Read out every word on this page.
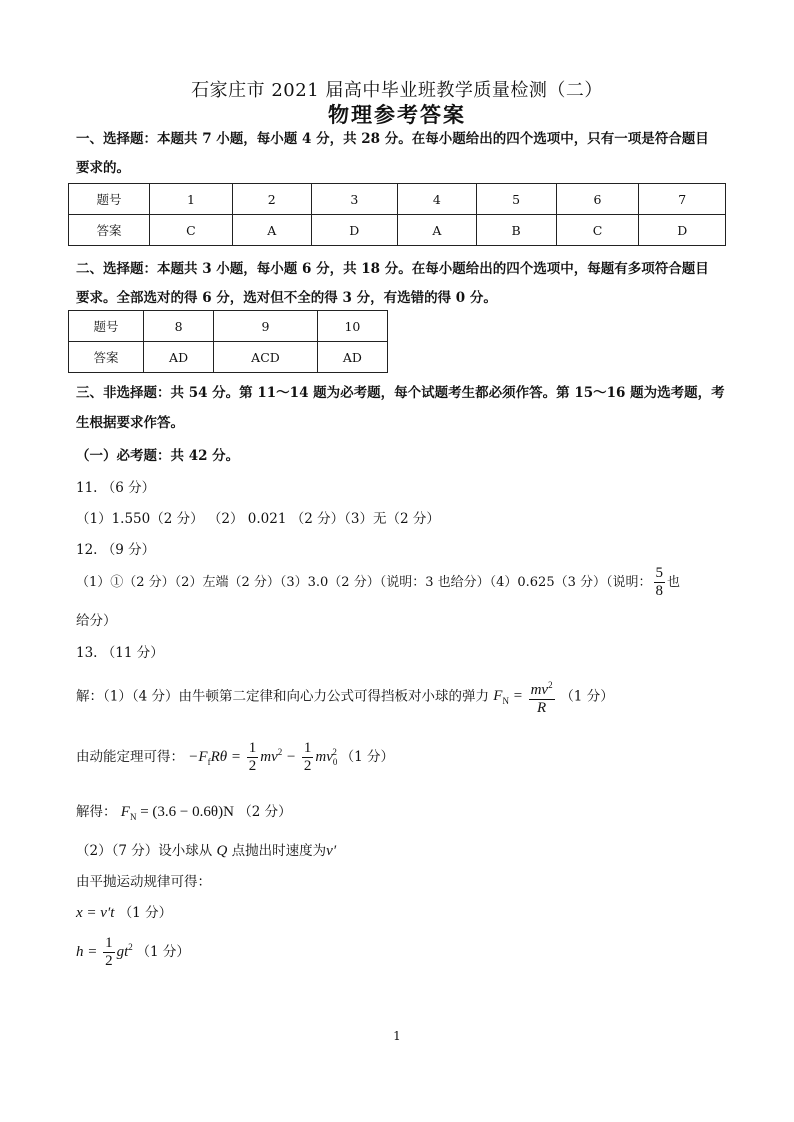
石家庄市 2021 届高中毕业班教学质量检测（二）
物理参考答案
一、选择题：本题共 7 小题，每小题 4 分，共 28 分。在每小题给出的四个选项中，只有一项是符合题目
要求的。
题号	1	2	3	4	5	6	7
答案	C	A	D	A	B	C	D
二、选择题：本题共 3 小题，每小题 6 分，共 18 分。在每小题给出的四个选项中，每题有多项符合题目
要求。全部选对的得 6 分，选对但不全的得 3 分，有选错的得 0 分。
题号	8	9	10
答案	AD	ACD	AD
三、非选择题：共 54 分。第 11～14 题为必考题，每个试题考生都必须作答。第 15～16 题为选考题，考
生根据要求作答。
（一）必考题：共 42 分。
11. （6 分）
（1）1.550（2 分） （2） 0.021 （2 分）（3）无（2 分）
12. （9 分）
（1）①（2 分）（2）左端（2 分）（3）3.0（2 分）（说明：3 也给分）（4）0.625（3 分）（说明： $\frac{5}{8}$ 也
给分）
13. （11 分）
解：（1）（4 分）由牛顿第二定律和向心力公式可得挡板对小球的弹力 $F_N = \frac{mv^2}{R} (1$ 分）
由动能定理可得： $-F_fR\theta = \frac{1}{2} mv^2 - \frac{1}{2} mv_0^2$ （1 分）
解得： $F_N = (3.6 - 0.6\theta)N$ （2 分）
（2）（7 分）设小球从 Q 点抛出时速度为v′
由平抛运动规律可得：
x = v′t （1 分）
$h = \frac{1}{2} gt^2$ （1 分）
1
